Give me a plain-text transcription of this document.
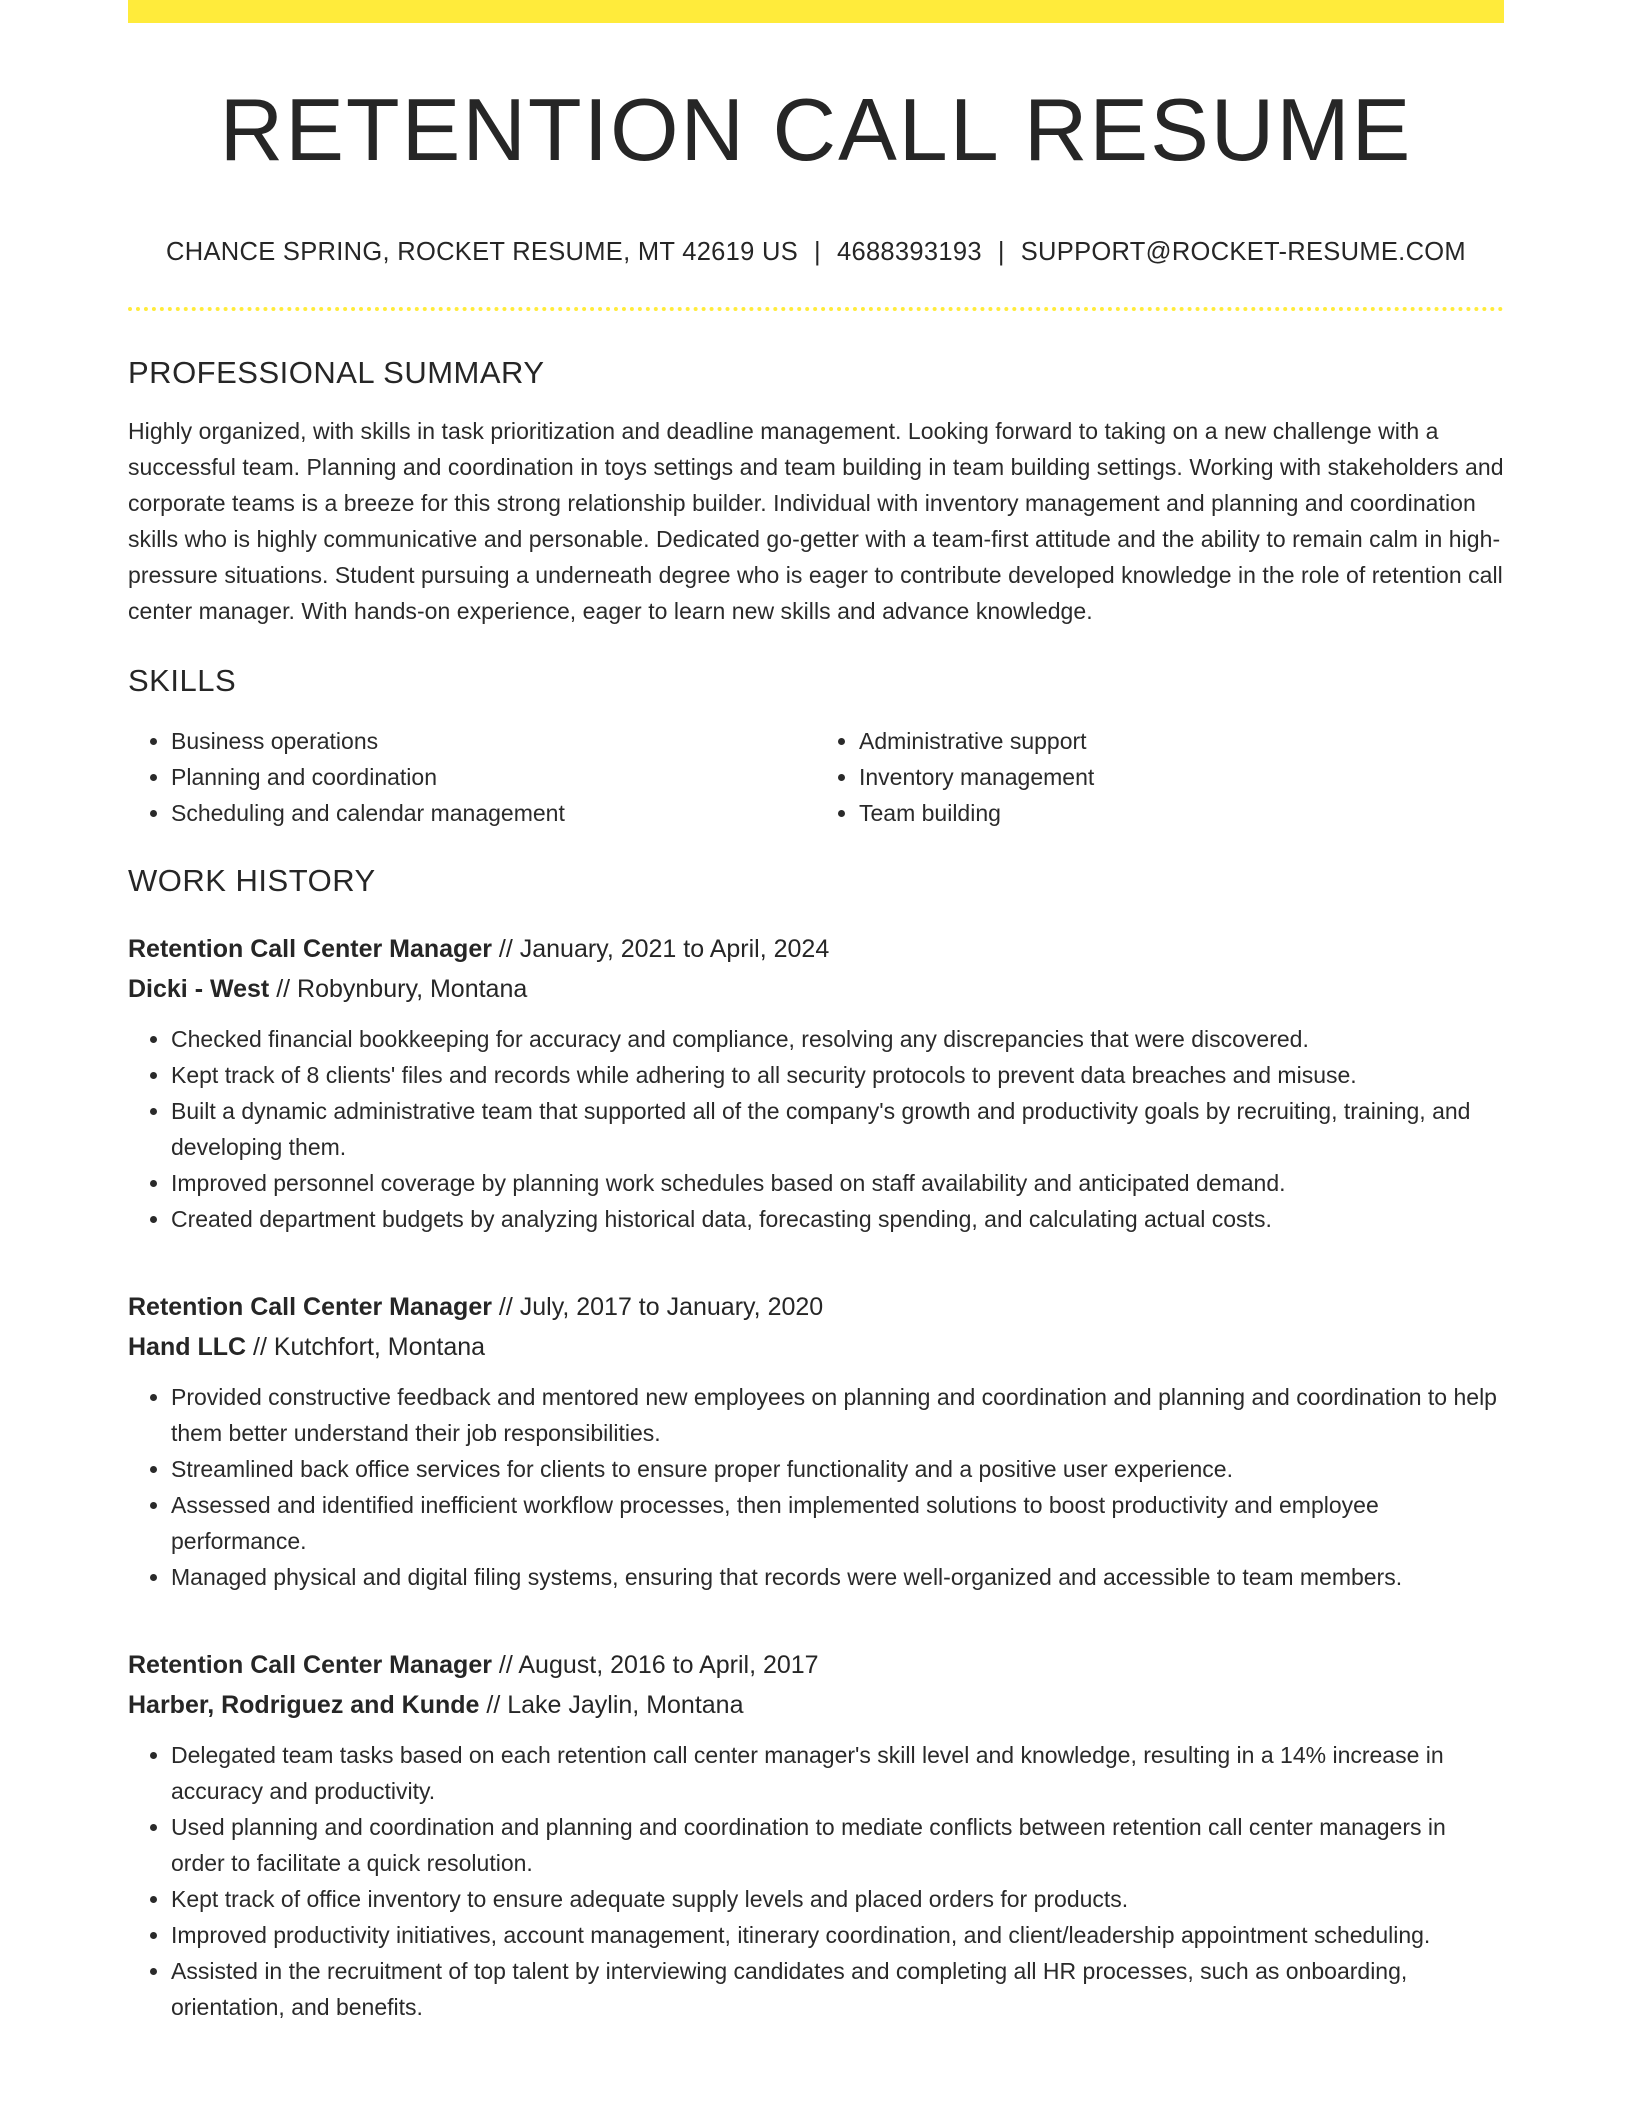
RETENTION CALL RESUME
CHANCE SPRING, ROCKET RESUME, MT 42619 US | 4688393193 | SUPPORT@ROCKET-RESUME.COM
PROFESSIONAL SUMMARY

Highly organized, with skills in task prioritization and deadline management. Looking forward to taking on a new challenge with a successful team. Planning and coordination in toys settings and team building in team building settings. Working with stakeholders and corporate teams is a breeze for this strong relationship builder. Individual with inventory management and planning and coordination skills who is highly communicative and personable. Dedicated go-getter with a team-first attitude and the ability to remain calm in high-pressure situations. Student pursuing a underneath degree who is eager to contribute developed knowledge in the role of retention call center manager. With hands-on experience, eager to learn new skills and advance knowledge.

SKILLS
• Business operations
• Planning and coordination
• Scheduling and calendar management
• Administrative support
• Inventory management
• Team building
WORK HISTORY
Retention Call Center Manager // January, 2021 to April, 2024
Dicki - West // Robynbury, Montana
• Checked financial bookkeeping for accuracy and compliance, resolving any discrepancies that were discovered.
• Kept track of 8 clients' files and records while adhering to all security protocols to prevent data breaches and misuse.
• Built a dynamic administrative team that supported all of the company's growth and productivity goals by recruiting, training, and developing them.
• Improved personnel coverage by planning work schedules based on staff availability and anticipated demand.
• Created department budgets by analyzing historical data, forecasting spending, and calculating actual costs.
Retention Call Center Manager // July, 2017 to January, 2020
Hand LLC // Kutchfort, Montana
• Provided constructive feedback and mentored new employees on planning and coordination and planning and coordination to help them better understand their job responsibilities.
• Streamlined back office services for clients to ensure proper functionality and a positive user experience.
• Assessed and identified inefficient workflow processes, then implemented solutions to boost productivity and employee performance.
• Managed physical and digital filing systems, ensuring that records were well-organized and accessible to team members.
Retention Call Center Manager // August, 2016 to April, 2017
Harber, Rodriguez and Kunde // Lake Jaylin, Montana
• Delegated team tasks based on each retention call center manager's skill level and knowledge, resulting in a 14% increase in accuracy and productivity.
• Used planning and coordination and planning and coordination to mediate conflicts between retention call center managers in order to facilitate a quick resolution.
• Kept track of office inventory to ensure adequate supply levels and placed orders for products.
• Improved productivity initiatives, account management, itinerary coordination, and client/leadership appointment scheduling.
• Assisted in the recruitment of top talent by interviewing candidates and completing all HR processes, such as onboarding, orientation, and benefits.
